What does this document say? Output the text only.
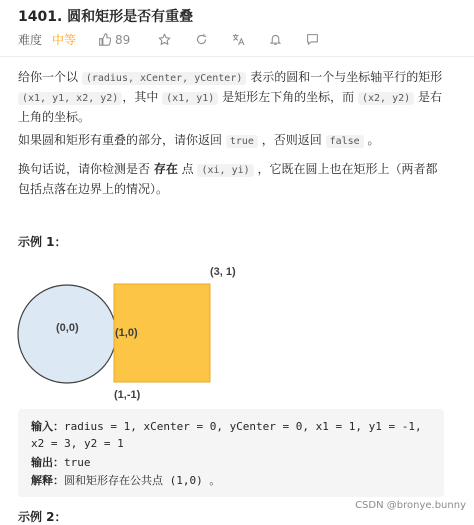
1401. 圆和矩形是否有重叠
难度 中等	89
给你一个以 (radius, xCenter, yCenter) 表示的圆和一个与坐标轴平行的矩形 (x1, y1, x2, y2) ，其中 (x1, y1) 是矩形左下角的坐标，而 (x2, y2) 是右上角的坐标。
如果圆和矩形有重叠的部分，请你返回 true ，否则返回 false 。
换句话说，请你检测是否 存在 点 (xi, yi) ，它既在圆上也在矩形上（两者都包括点落在边界上的情况）。
示例 1：
(0,0)	(1,0)
(3, 1)
(1,-1)
输入：radius = 1, xCenter = 0, yCenter = 0, x1 = 1, y1 = -1, x2 = 3, y2 = 1
输出：true
解释：圆和矩形存在公共点 (1,0) 。
示例 2：
CSDN @bronye.bunny
